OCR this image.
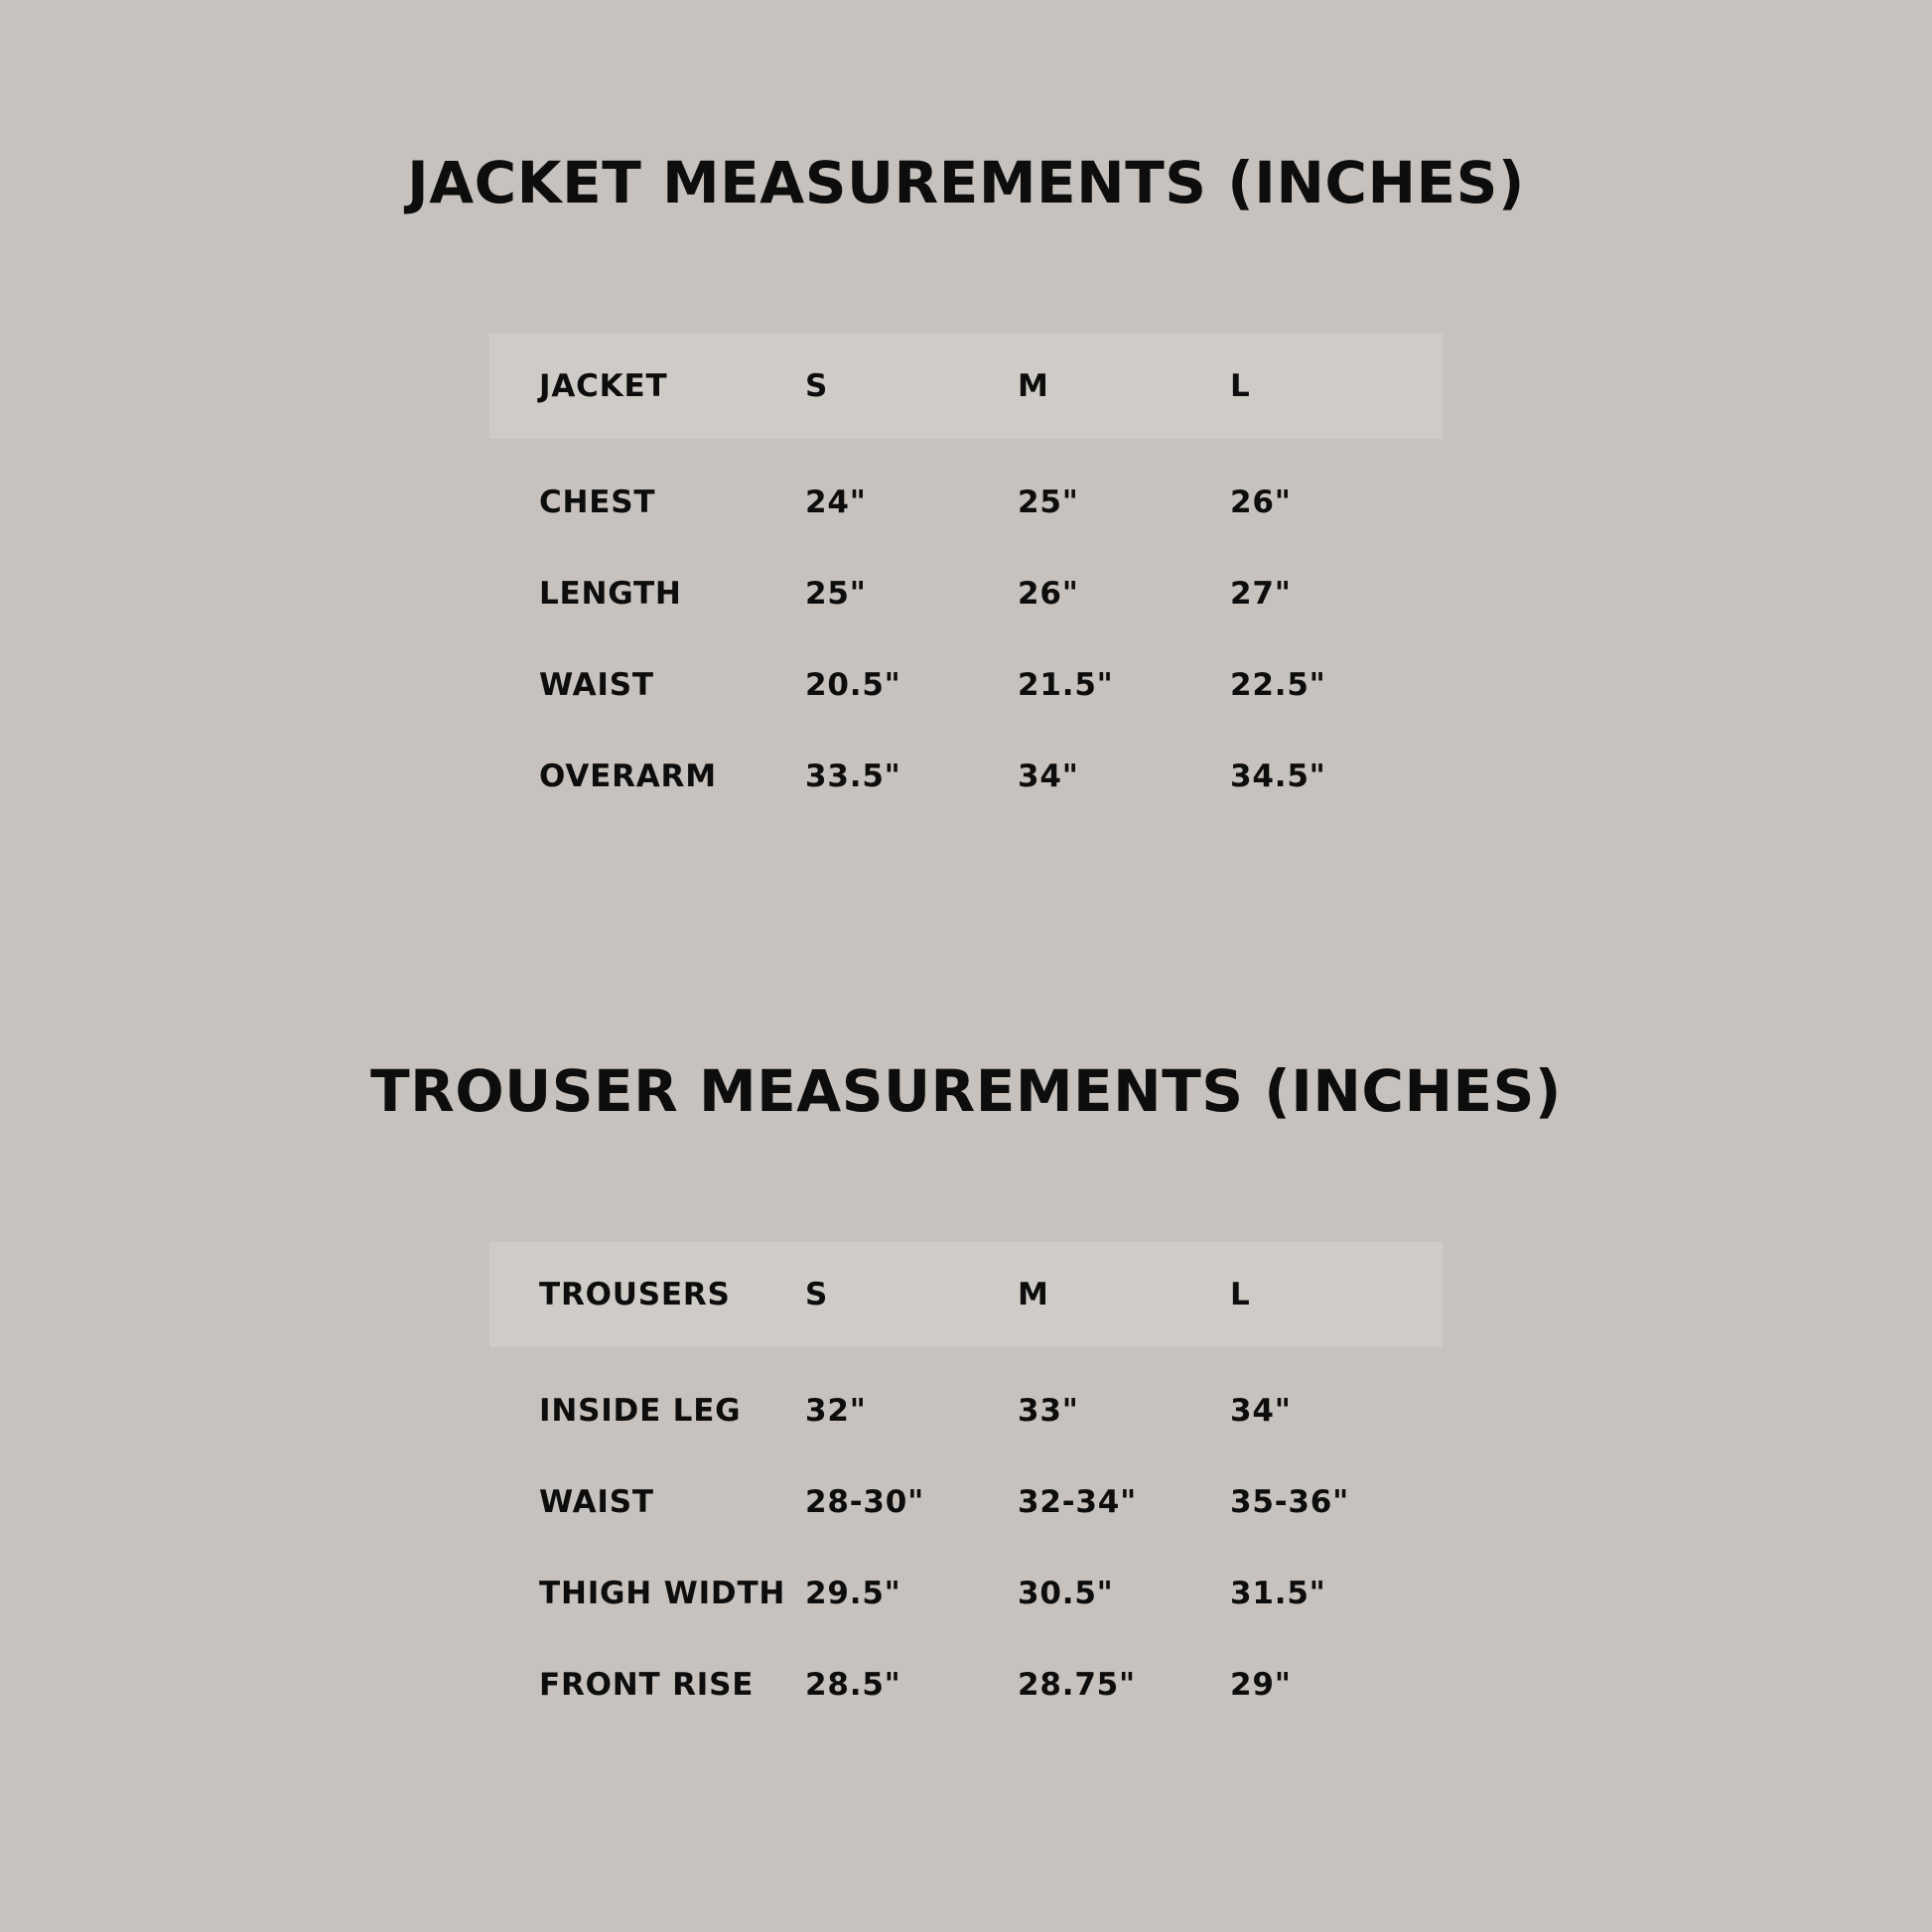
JACKET MEASUREMENTS (INCHES)
JACKET	S	M	L
CHEST	24"	25"	26"
LENGTH	25"	26"	27"
WAIST	20.5"	21.5"	22.5"
OVERARM	33.5"	34"	34.5"
TROUSER MEASUREMENTS (INCHES)
TROUSERS	S	M	L
INSIDE LEG	32"	33"	34"
WAIST	28-30"	32-34"	35-36"
THIGH WIDTH	29.5"	30.5"	31.5"
FRONT RISE	28.5"	28.75"	29"
